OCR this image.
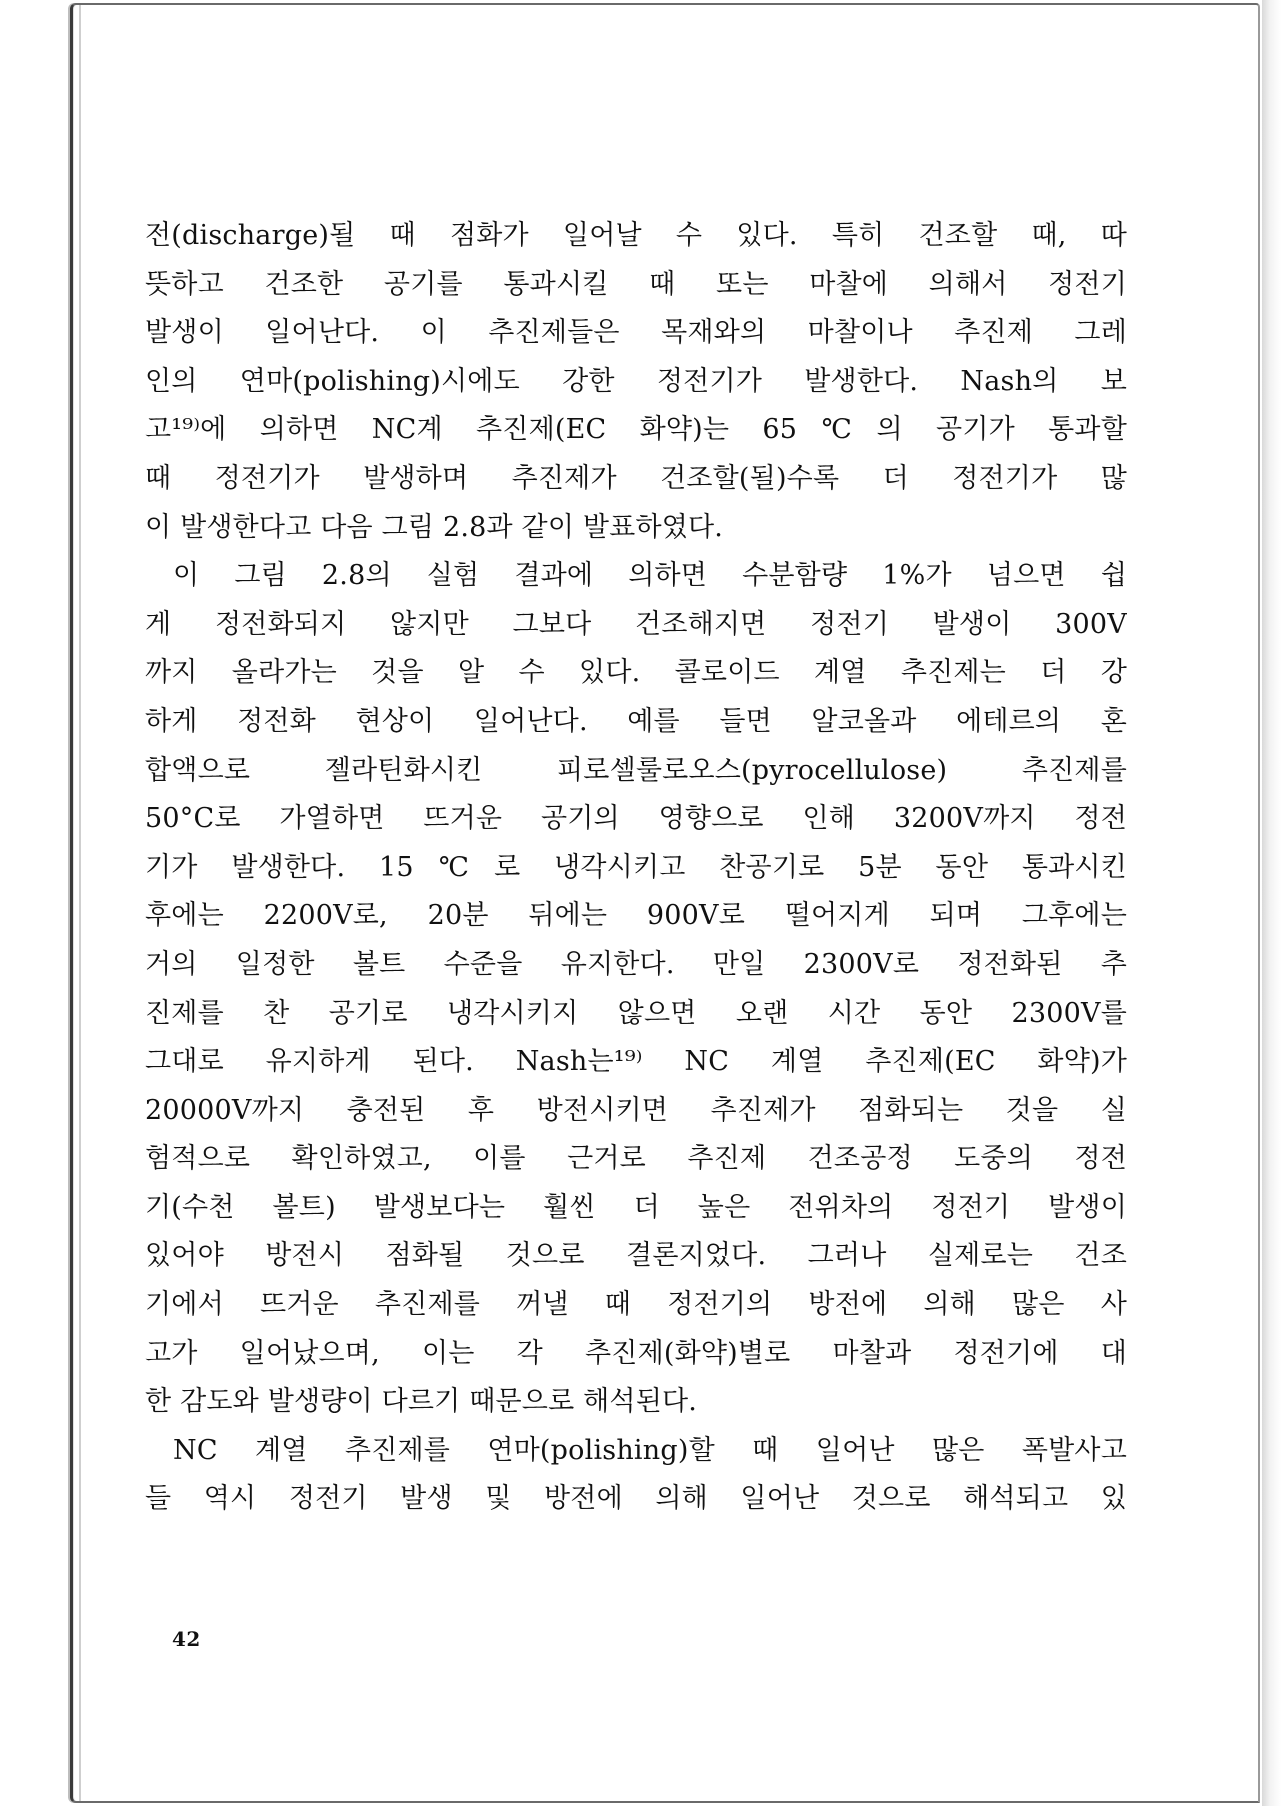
전(discharge)될 때 점화가 일어날 수 있다. 특히 건조할 때, 따
뜻하고 건조한 공기를 통과시킬 때 또는 마찰에 의해서 정전기
발생이 일어난다. 이 추진제들은 목재와의 마찰이나 추진제 그레
인의 연마(polishing)시에도 강한 정전기가 발생한다. Nash의 보
고¹⁹⁾에 의하면 NC계 추진제(EC 화약)는 65℃의 공기가 통과할
때 정전기가 발생하며 추진제가 건조할(될)수록 더 정전기가 많
이 발생한다고 다음 그림 2.8과 같이 발표하였다.
이 그림 2.8의 실험 결과에 의하면 수분함량 1%가 넘으면 쉽
게 정전화되지 않지만 그보다 건조해지면 정전기 발생이 300V
까지 올라가는 것을 알 수 있다. 콜로이드 계열 추진제는 더 강
하게 정전화 현상이 일어난다. 예를 들면 알코올과 에테르의 혼
합액으로 젤라틴화시킨 피로셀룰로오스(pyrocellulose) 추진제를
50°C로 가열하면 뜨거운 공기의 영향으로 인해 3200V까지 정전
기가 발생한다. 15℃로 냉각시키고 찬공기로 5분 동안 통과시킨
후에는 2200V로, 20분 뒤에는 900V로 떨어지게 되며 그후에는
거의 일정한 볼트 수준을 유지한다. 만일 2300V로 정전화된 추
진제를 찬 공기로 냉각시키지 않으면 오랜 시간 동안 2300V를
그대로 유지하게 된다. Nash는¹⁹⁾ NC 계열 추진제(EC 화약)가
20000V까지 충전된 후 방전시키면 추진제가 점화되는 것을 실
험적으로 확인하였고, 이를 근거로 추진제 건조공정 도중의 정전
기(수천 볼트) 발생보다는 훨씬 더 높은 전위차의 정전기 발생이
있어야 방전시 점화될 것으로 결론지었다. 그러나 실제로는 건조
기에서 뜨거운 추진제를 꺼낼 때 정전기의 방전에 의해 많은 사
고가 일어났으며, 이는 각 추진제(화약)별로 마찰과 정전기에 대
한 감도와 발생량이 다르기 때문으로 해석된다.
NC 계열 추진제를 연마(polishing)할 때 일어난 많은 폭발사고
들 역시 정전기 발생 및 방전에 의해 일어난 것으로 해석되고 있
42
